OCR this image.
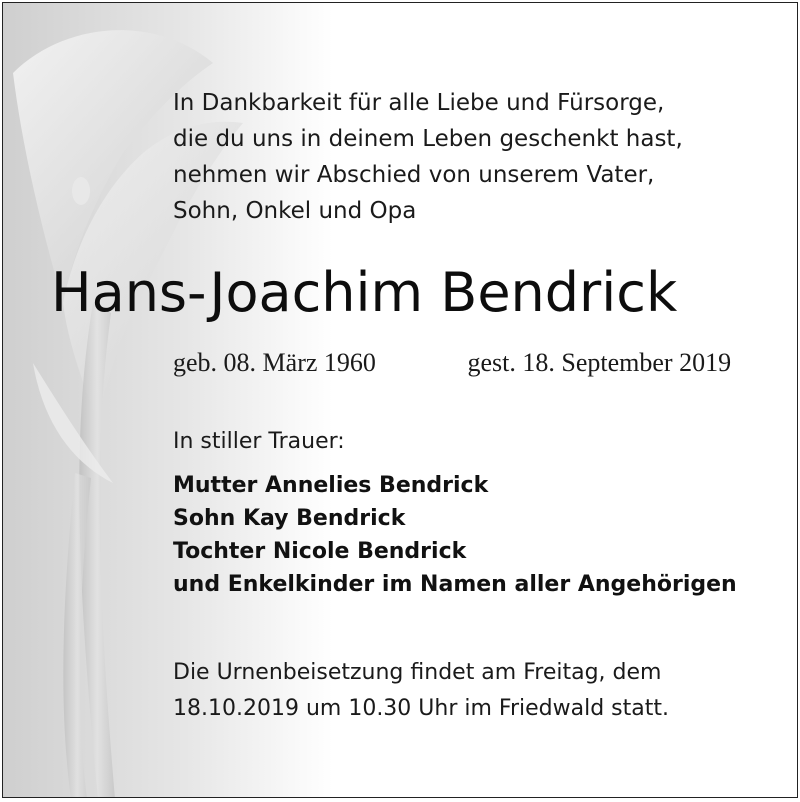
In Dankbarkeit für alle Liebe und Fürsorge,
die du uns in deinem Leben geschenkt hast,
nehmen wir Abschied von unserem Vater,
Sohn, Onkel und Opa
Hans-Joachim Bendrick
geb. 08. März 1960	gest. 18. September 2019
In stiller Trauer:
Mutter Annelies Bendrick
Sohn Kay Bendrick
Tochter Nicole Bendrick
und Enkelkinder im Namen aller Angehörigen
Die Urnenbeisetzung findet am Freitag, dem
18.10.2019 um 10.30 Uhr im Friedwald statt.
